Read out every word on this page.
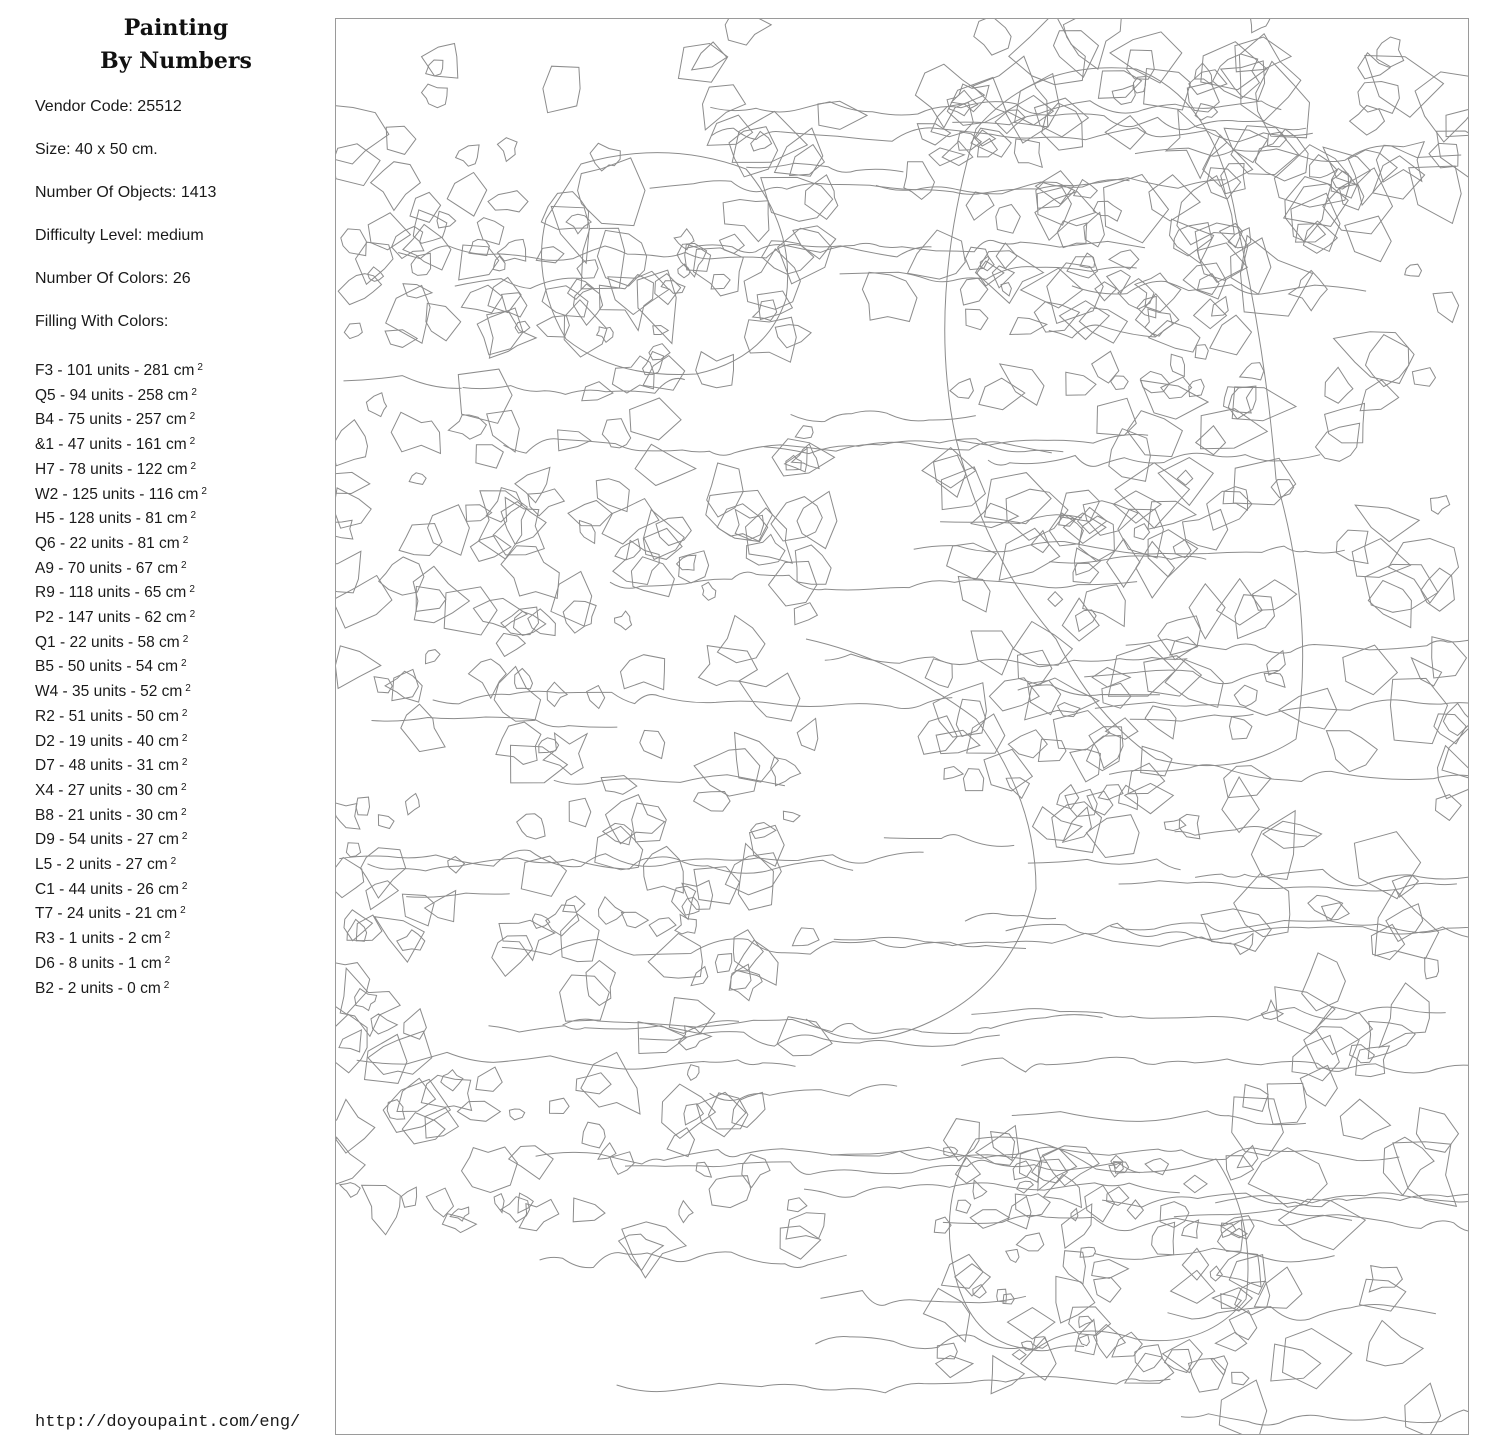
Painting
By Numbers
Vendor Code: 25512
Size: 40 x 50 cm.
Number Of Objects: 1413
Difficulty Level: medium
Number Of Colors: 26
Filling With Colors:
F3 - 101 units - 281 cm $^2$
Q5 - 94 units - 258 cm $^2$
B4 - 75 units - 257 cm $^2$
&1 - 47 units - 161 cm $^2$
H7 - 78 units - 122 cm $^2$
W2 - 125 units - 116 cm $^2$
H5 - 128 units - 81 cm $^2$
Q6 - 22 units - 81 cm $^2$
A9 - 70 units - 67 cm $^2$
R9 - 118 units - 65 cm $^2$
P2 - 147 units - 62 cm $^2$
Q1 - 22 units - 58 cm $^2$
B5 - 50 units - 54 cm $^2$
W4 - 35 units - 52 cm $^2$
R2 - 51 units - 50 cm $^2$
D2 - 19 units - 40 cm $^2$
D7 - 48 units - 31 cm $^2$
X4 - 27 units - 30 cm $^2$
B8 - 21 units - 30 cm $^2$
D9 - 54 units - 27 cm $^2$
L5 - 2 units - 27 cm $^2$
C1 - 44 units - 26 cm $^2$
T7 - 24 units - 21 cm $^2$
R3 - 1 units - 2 cm $^2$
D6 - 8 units - 1 cm $^2$
B2 - 2 units - 0 cm $^2$
http://doyoupaint.com/eng/
